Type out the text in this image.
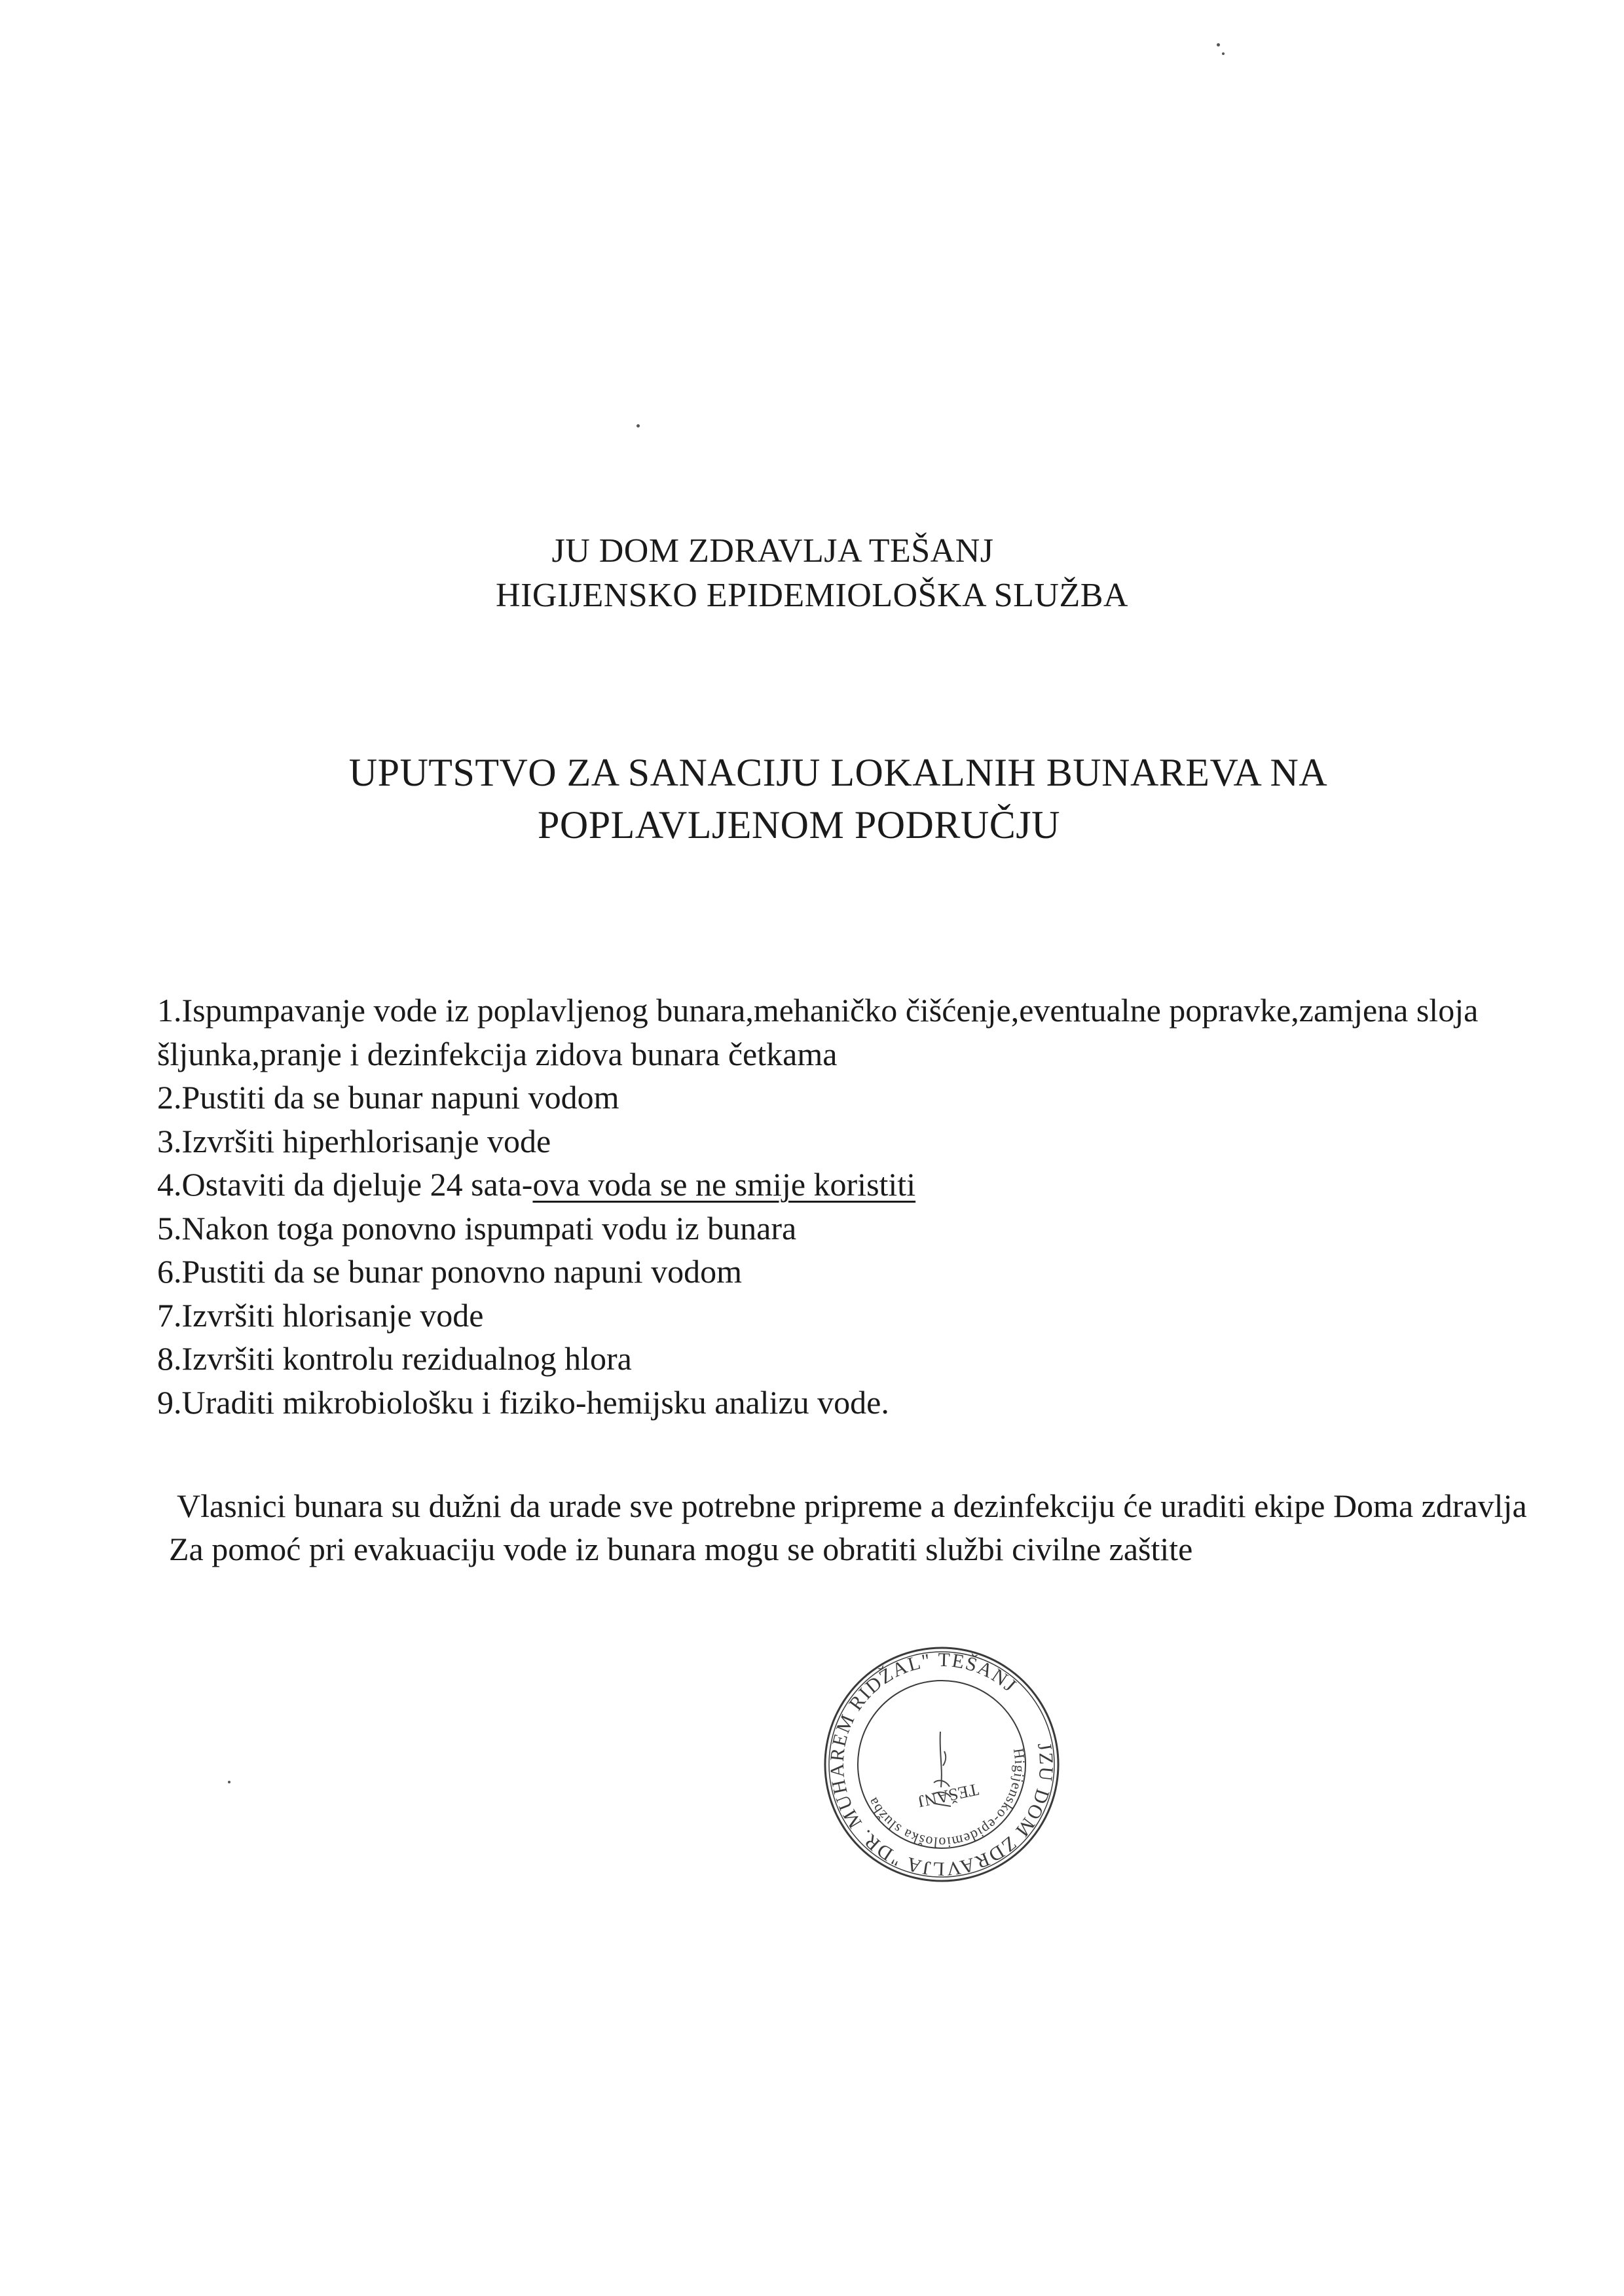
JU DOM ZDRAVLJA TEŠANJ
HIGIJENSKO EPIDEMIOLOŠKA SLUŽBA
UPUTSTVO ZA SANACIJU LOKALNIH BUNAREVA NA
POPLAVLJENOM PODRUČJU
1.Ispumpavanje vode iz poplavljenog bunara,mehaničko čišćenje,eventualne popravke,zamjena sloja šljunka,pranje i dezinfekcija zidova bunara četkama
2.Pustiti da se bunar napuni vodom
3.Izvršiti hiperhlorisanje vode
4.Ostaviti da djeluje 24 sata-ova voda se ne smije koristiti
5.Nakon toga ponovno ispumpati vodu iz bunara
6.Pustiti da se bunar ponovno napuni vodom
7.Izvršiti hlorisanje vode
8.Izvršiti kontrolu rezidualnog hlora
9.Uraditi mikrobiološku i fiziko-hemijsku analizu vode.

Vlasnici bunara su dužni da urade sve potrebne pripreme a dezinfekciju će uraditi ekipe Doma zdravlja

Za pomoć pri evakuaciju vode iz bunara mogu se obratiti službi civilne zaštite

JZU DOM ZDRAVLJA "DR. MUHAREM RIDŽAL" TEŠANJ
Higijensko-epidemiološka služba	TEŠANJ
